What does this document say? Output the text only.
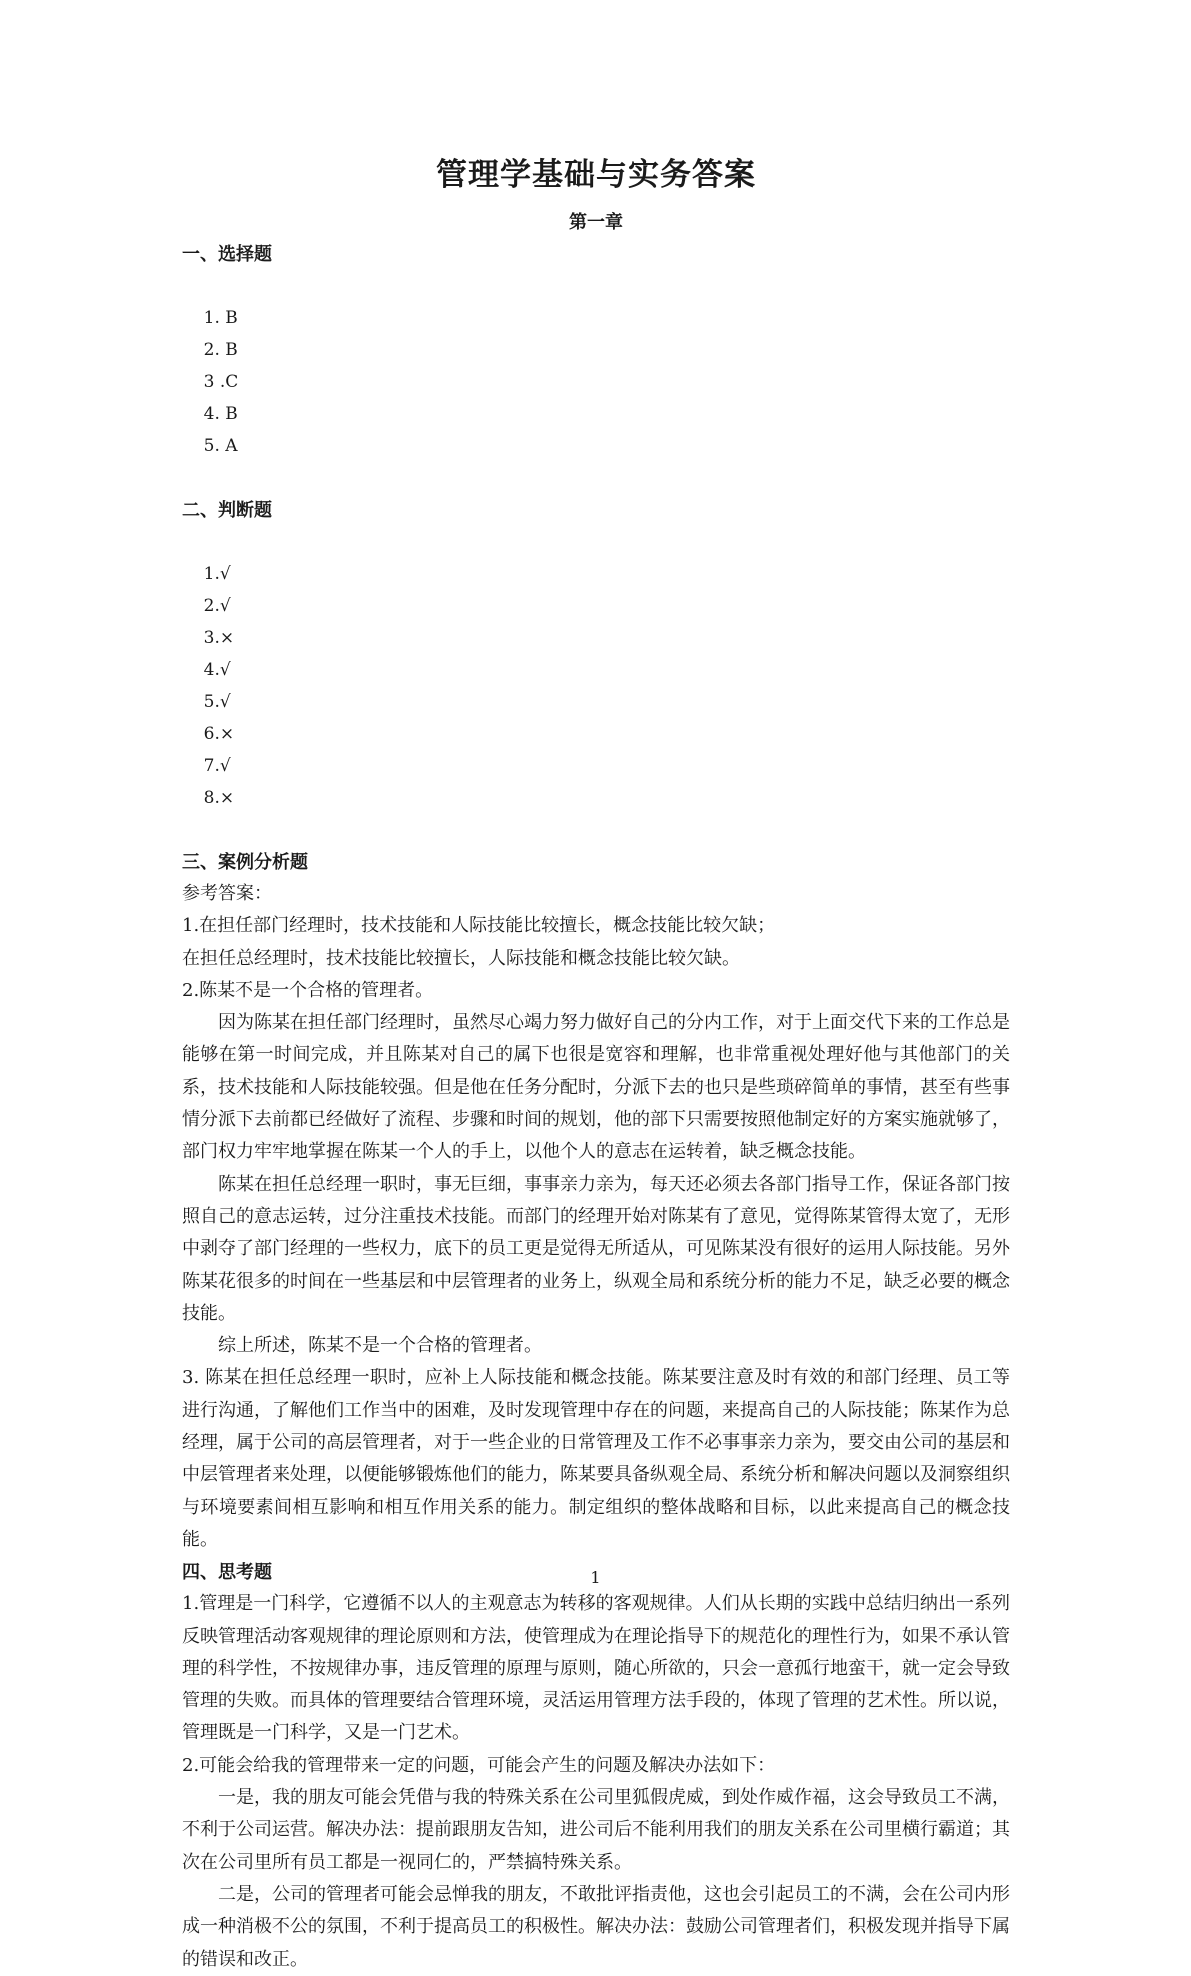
管理学基础与实务答案
第一章
一、选择题

1. B
2. B
3 .C
4. B
5. A

二、判断题

1.√
2.√
3.×
4.√
5.√
6.×
7.√
8.×

三、案例分析题

参考答案：

1.在担任部门经理时，技术技能和人际技能比较擅长，概念技能比较欠缺；

在担任总经理时，技术技能比较擅长，人际技能和概念技能比较欠缺。

2.陈某不是一个合格的管理者。

因为陈某在担任部门经理时，虽然尽心竭力努力做好自己的分内工作，对于上面交代下来的工作总是能够在第一时间完成，并且陈某对自己的属下也很是宽容和理解，也非常重视处理好他与其他部门的关系，技术技能和人际技能较强。但是他在任务分配时，分派下去的也只是些琐碎简单的事情，甚至有些事情分派下去前都已经做好了流程、步骤和时间的规划，他的部下只需要按照他制定好的方案实施就够了，部门权力牢牢地掌握在陈某一个人的手上，以他个人的意志在运转着，缺乏概念技能。

陈某在担任总经理一职时，事无巨细，事事亲力亲为，每天还必须去各部门指导工作，保证各部门按照自己的意志运转，过分注重技术技能。而部门的经理开始对陈某有了意见，觉得陈某管得太宽了，无形中剥夺了部门经理的一些权力，底下的员工更是觉得无所适从，可见陈某没有很好的运用人际技能。另外陈某花很多的时间在一些基层和中层管理者的业务上，纵观全局和系统分析的能力不足，缺乏必要的概念技能。

综上所述，陈某不是一个合格的管理者。

3. 陈某在担任总经理一职时，应补上人际技能和概念技能。陈某要注意及时有效的和部门经理、员工等进行沟通，了解他们工作当中的困难，及时发现管理中存在的问题，来提高自己的人际技能；陈某作为总经理，属于公司的高层管理者，对于一些企业的日常管理及工作不必事事亲力亲为，要交由公司的基层和中层管理者来处理，以便能够锻炼他们的能力，陈某要具备纵观全局、系统分析和解决问题以及洞察组织与环境要素间相互影响和相互作用关系的能力。制定组织的整体战略和目标，以此来提高自己的概念技能。

四、思考题

1.管理是一门科学，它遵循不以人的主观意志为转移的客观规律。人们从长期的实践中总结归纳出一系列反映管理活动客观规律的理论原则和方法，使管理成为在理论指导下的规范化的理性行为，如果不承认管理的科学性，不按规律办事，违反管理的原理与原则，随心所欲的，只会一意孤行地蛮干，就一定会导致管理的失败。而具体的管理要结合管理环境，灵活运用管理方法手段的，体现了管理的艺术性。所以说，管理既是一门科学，又是一门艺术。

2.可能会给我的管理带来一定的问题，可能会产生的问题及解决办法如下：

一是，我的朋友可能会凭借与我的特殊关系在公司里狐假虎威，到处作威作福，这会导致员工不满，不利于公司运营。解决办法：提前跟朋友告知，进公司后不能利用我们的朋友关系在公司里横行霸道；其次在公司里所有员工都是一视同仁的，严禁搞特殊关系。

二是，公司的管理者可能会忌惮我的朋友，不敢批评指责他，这也会引起员工的不满，会在公司内形成一种消极不公的氛围，不利于提高员工的积极性。解决办法：鼓励公司管理者们，积极发现并指导下属的错误和改正。

1
